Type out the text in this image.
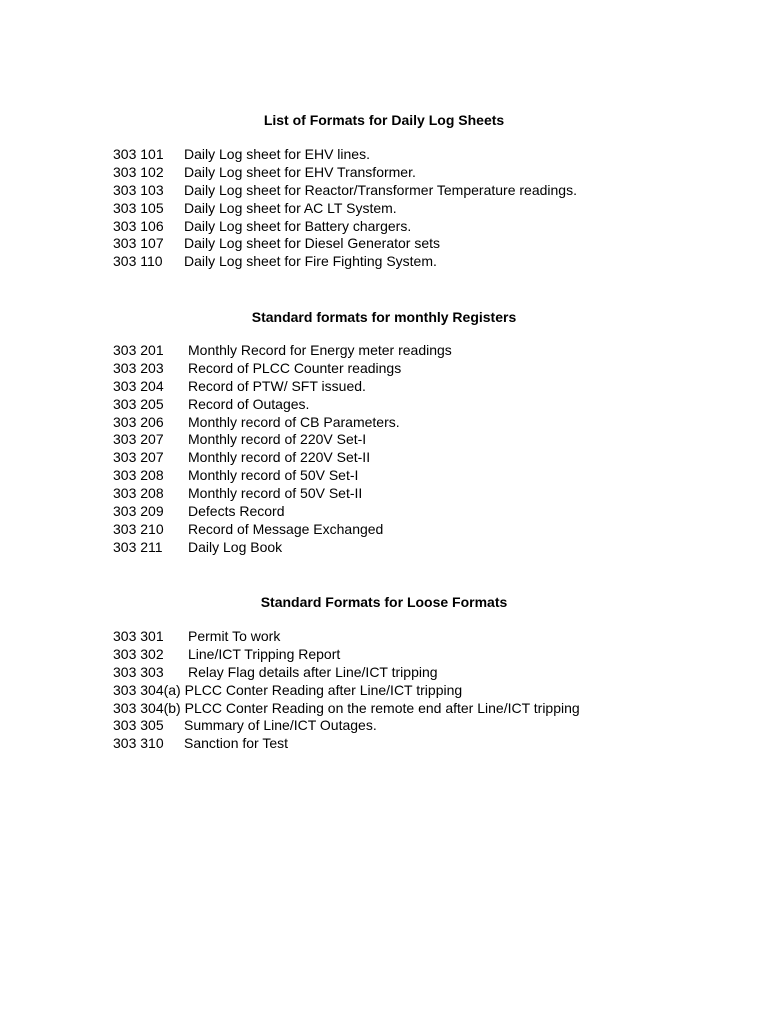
List of Formats for Daily Log Sheets
303 101	Daily Log sheet for EHV lines.
303 102	Daily Log sheet for EHV Transformer.
303 103	Daily Log sheet for Reactor/Transformer Temperature readings.
303 105	Daily Log sheet for AC LT System.
303 106	Daily Log sheet for Battery chargers.
303 107	Daily Log sheet for Diesel Generator sets
303 110	Daily Log sheet for Fire Fighting System.
Standard formats for monthly Registers
303 201	Monthly Record for Energy meter readings
303 203	Record of PLCC Counter readings
303 204	Record of PTW/ SFT issued.
303 205	Record of Outages.
303 206	Monthly record of CB Parameters.
303 207	Monthly record of 220V Set-I
303 207	Monthly record of 220V Set-II
303 208	Monthly record of 50V Set-I
303 208	Monthly record of 50V Set-II
303 209	Defects Record
303 210	Record of Message Exchanged
303 211	Daily Log Book
Standard Formats for Loose Formats
303 301	Permit To work
303 302	Line/ICT Tripping Report
303 303	Relay Flag details after Line/ICT tripping
303 304(a) PLCC Conter Reading after Line/ICT tripping
303 304(b) PLCC Conter Reading on the remote end after Line/ICT tripping
303 305	Summary of Line/ICT Outages.
303 310	Sanction for Test
